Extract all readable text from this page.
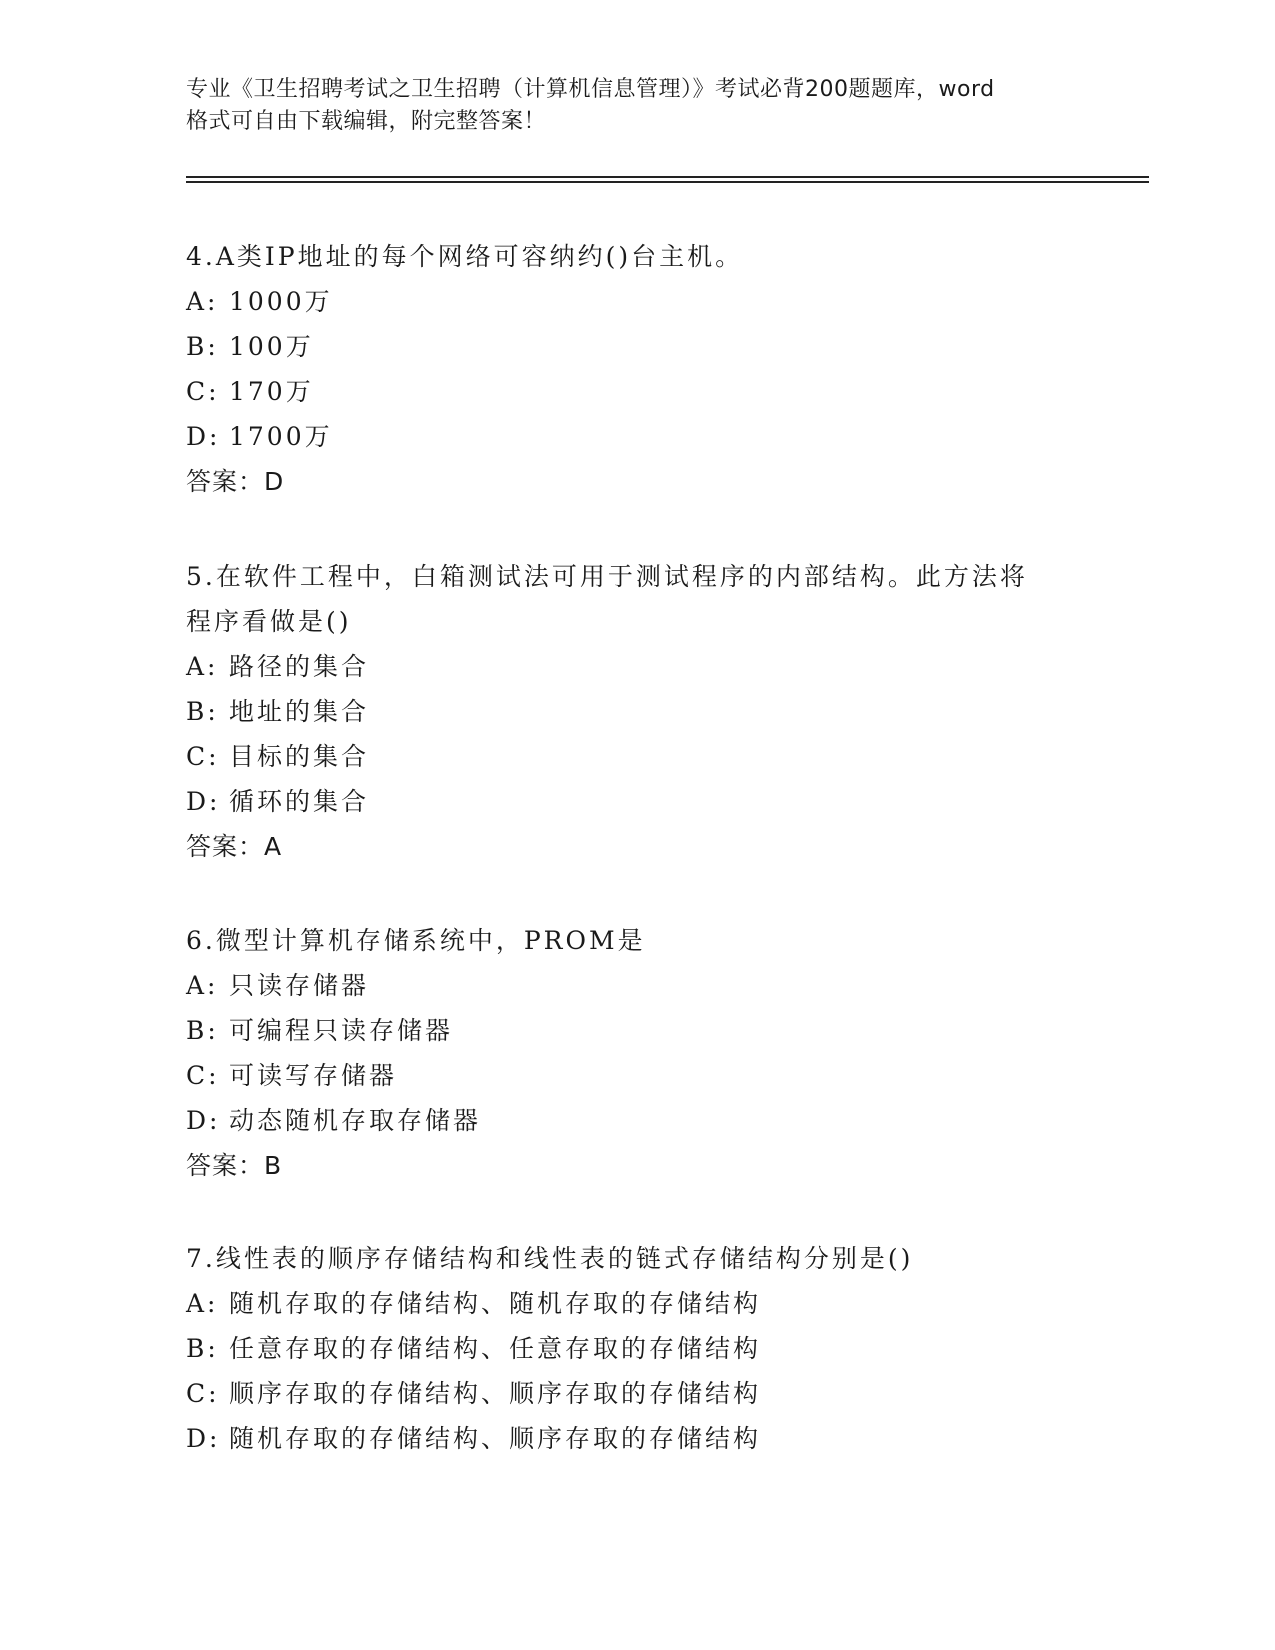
专业《卫生招聘考试之卫生招聘（计算机信息管理）》考试必背200题题库，word
格式可自由下载编辑，附完整答案！

4.A类IP地址的每个网络可容纳约()台主机。

A: 1000万

B: 100万

C: 170万

D: 1700万

答案：D

5.在软件工程中，白箱测试法可用于测试程序的内部结构。此方法将

程序看做是()

A: 路径的集合

B: 地址的集合

C: 目标的集合

D: 循环的集合

答案：A

6.微型计算机存储系统中，PROM是

A: 只读存储器

B: 可编程只读存储器

C: 可读写存储器

D: 动态随机存取存储器

答案：B

7.线性表的顺序存储结构和线性表的链式存储结构分别是()

A: 随机存取的存储结构、随机存取的存储结构

B: 任意存取的存储结构、任意存取的存储结构

C: 顺序存取的存储结构、顺序存取的存储结构

D: 随机存取的存储结构、顺序存取的存储结构
